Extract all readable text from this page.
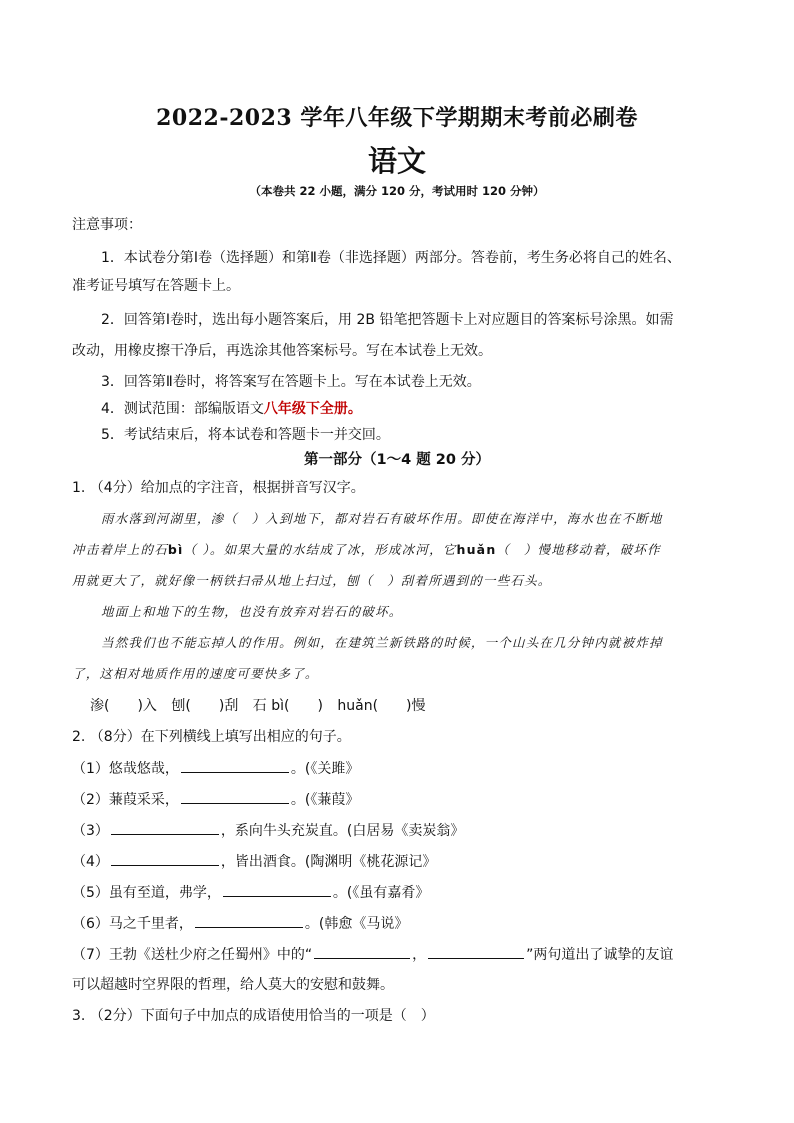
2022-2023 学年八年级下学期期末考前必刷卷
语文
（本卷共 22 小题，满分 120 分，考试用时 120 分钟）
注意事项：
1．本试卷分第Ⅰ卷（选择题）和第Ⅱ卷（非选择题）两部分。答卷前，考生务必将自己的姓名、
准考证号填写在答题卡上。
2．回答第Ⅰ卷时，选出每小题答案后，用 2B 铅笔把答题卡上对应题目的答案标号涂黑。如需
改动，用橡皮擦干净后，再选涂其他答案标号。写在本试卷上无效。
3．回答第Ⅱ卷时，将答案写在答题卡上。写在本试卷上无效。
4．测试范围：部编版语文八年级下全册。
5．考试结束后，将本试卷和答题卡一并交回。
第一部分（1～4 题 20 分）
1. （4分）给加点的字注音，根据拼音写汉字。
雨水落到河湖里，渗（　）入到地下，都对岩石有破坏作用。即使在海洋中，海水也在不断地
冲击着岸上的石bì（ ）。如果大量的水结成了冰，形成冰河，它huǎn（　）慢地移动着，破坏作
用就更大了，就好像一柄铁扫帚从地上扫过，刨（　）刮着所遇到的一些石头。
地面上和地下的生物，也没有放弃对岩石的破坏。
当然我们也不能忘掉人的作用。例如，在建筑兰新铁路的时候，一个山头在几分钟内就被炸掉
了，这相对地质作用的速度可要快多了。
渗(　　)入 刨(　　)刮 石 bì(　　) huǎn(　　)慢
2. （8分）在下列横线上填写出相应的句子。
（1）悠哉悠哉，	。(《关雎》
（2）蒹葭采采，	。(《蒹葭》
（3）	，系向牛头充炭直。(白居易《卖炭翁》
（4）	，皆出酒食。(陶渊明《桃花源记》
（5）虽有至道，弗学，	。(《虽有嘉肴》
（6）马之千里者，	。(韩愈《马说》
（7）王勃《送杜少府之任蜀州》中的“	，	”两句道出了诚挚的友谊
可以超越时空界限的哲理，给人莫大的安慰和鼓舞。
3. （2分）下面句子中加点的成语使用恰当的一项是（　）
